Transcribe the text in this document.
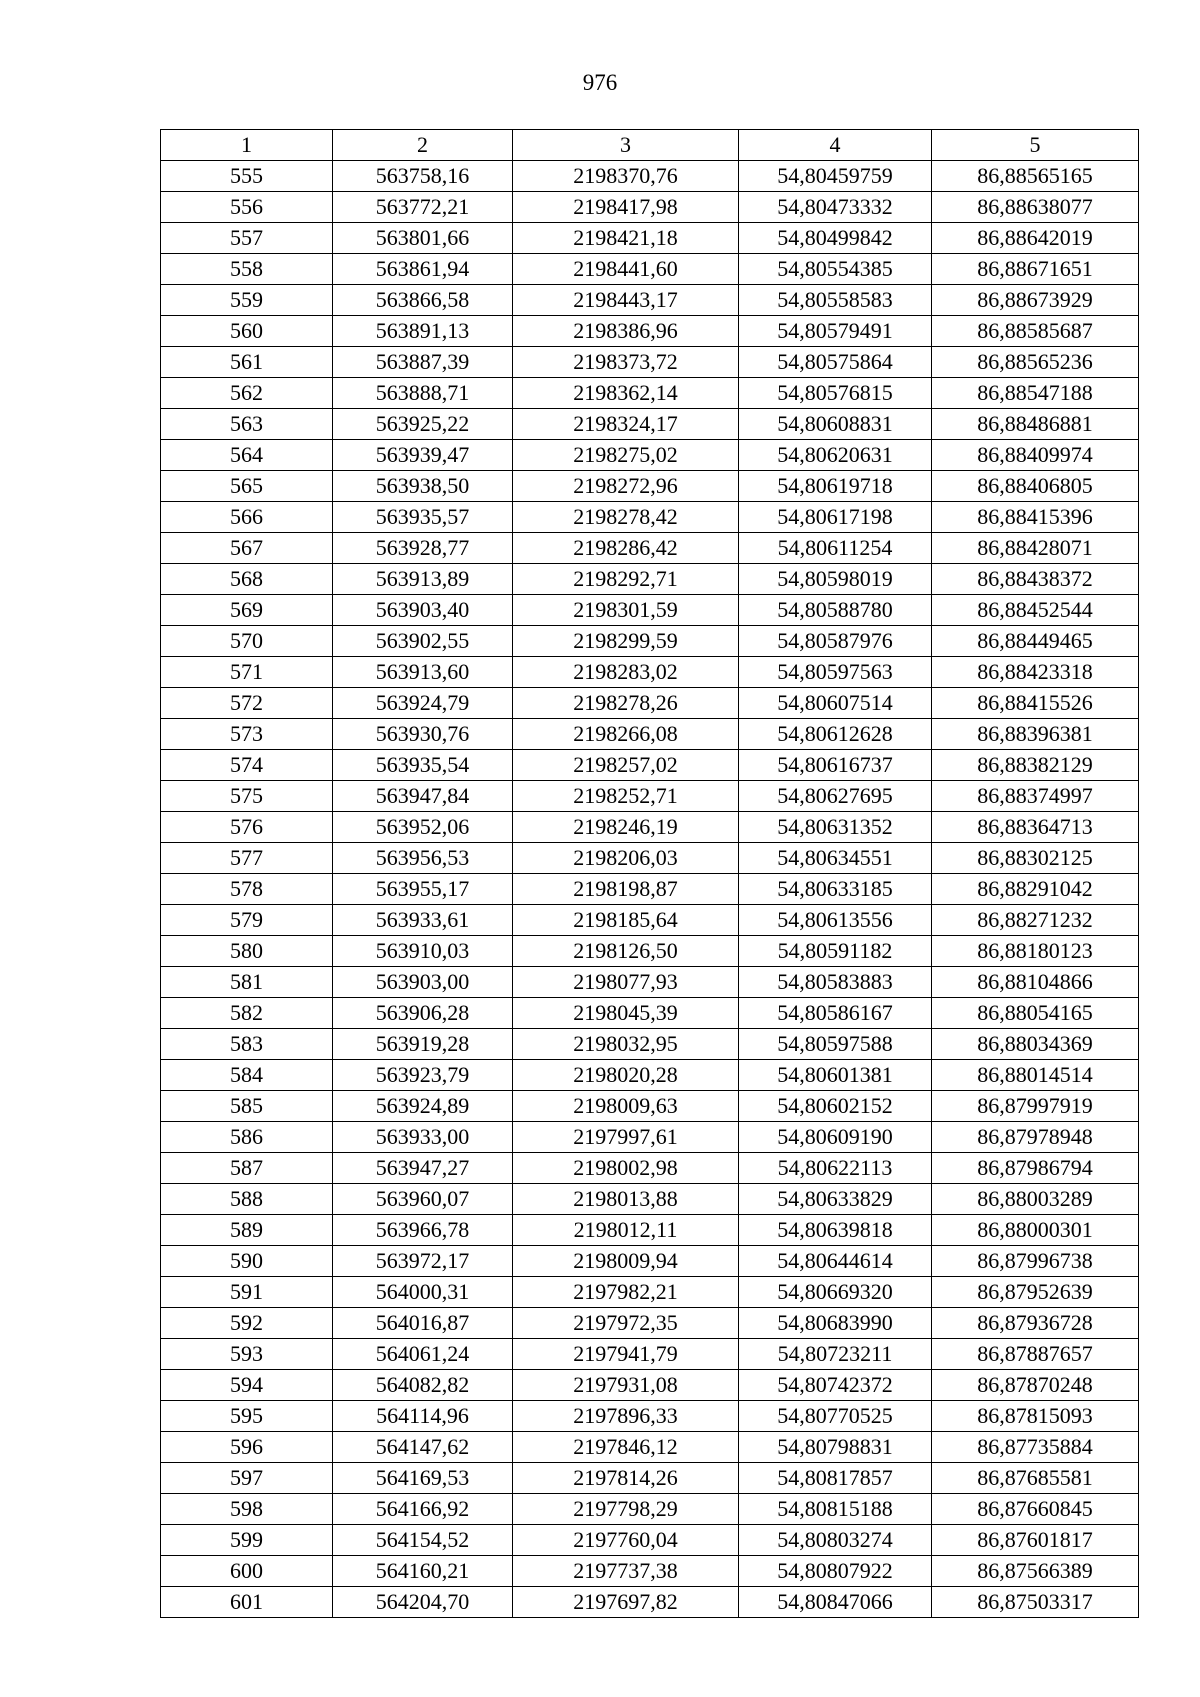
976
1	2	3	4	5
555	563758,16	2198370,76	54,80459759	86,88565165
556	563772,21	2198417,98	54,80473332	86,88638077
557	563801,66	2198421,18	54,80499842	86,88642019
558	563861,94	2198441,60	54,80554385	86,88671651
559	563866,58	2198443,17	54,80558583	86,88673929
560	563891,13	2198386,96	54,80579491	86,88585687
561	563887,39	2198373,72	54,80575864	86,88565236
562	563888,71	2198362,14	54,80576815	86,88547188
563	563925,22	2198324,17	54,80608831	86,88486881
564	563939,47	2198275,02	54,80620631	86,88409974
565	563938,50	2198272,96	54,80619718	86,88406805
566	563935,57	2198278,42	54,80617198	86,88415396
567	563928,77	2198286,42	54,80611254	86,88428071
568	563913,89	2198292,71	54,80598019	86,88438372
569	563903,40	2198301,59	54,80588780	86,88452544
570	563902,55	2198299,59	54,80587976	86,88449465
571	563913,60	2198283,02	54,80597563	86,88423318
572	563924,79	2198278,26	54,80607514	86,88415526
573	563930,76	2198266,08	54,80612628	86,88396381
574	563935,54	2198257,02	54,80616737	86,88382129
575	563947,84	2198252,71	54,80627695	86,88374997
576	563952,06	2198246,19	54,80631352	86,88364713
577	563956,53	2198206,03	54,80634551	86,88302125
578	563955,17	2198198,87	54,80633185	86,88291042
579	563933,61	2198185,64	54,80613556	86,88271232
580	563910,03	2198126,50	54,80591182	86,88180123
581	563903,00	2198077,93	54,80583883	86,88104866
582	563906,28	2198045,39	54,80586167	86,88054165
583	563919,28	2198032,95	54,80597588	86,88034369
584	563923,79	2198020,28	54,80601381	86,88014514
585	563924,89	2198009,63	54,80602152	86,87997919
586	563933,00	2197997,61	54,80609190	86,87978948
587	563947,27	2198002,98	54,80622113	86,87986794
588	563960,07	2198013,88	54,80633829	86,88003289
589	563966,78	2198012,11	54,80639818	86,88000301
590	563972,17	2198009,94	54,80644614	86,87996738
591	564000,31	2197982,21	54,80669320	86,87952639
592	564016,87	2197972,35	54,80683990	86,87936728
593	564061,24	2197941,79	54,80723211	86,87887657
594	564082,82	2197931,08	54,80742372	86,87870248
595	564114,96	2197896,33	54,80770525	86,87815093
596	564147,62	2197846,12	54,80798831	86,87735884
597	564169,53	2197814,26	54,80817857	86,87685581
598	564166,92	2197798,29	54,80815188	86,87660845
599	564154,52	2197760,04	54,80803274	86,87601817
600	564160,21	2197737,38	54,80807922	86,87566389
601	564204,70	2197697,82	54,80847066	86,87503317
